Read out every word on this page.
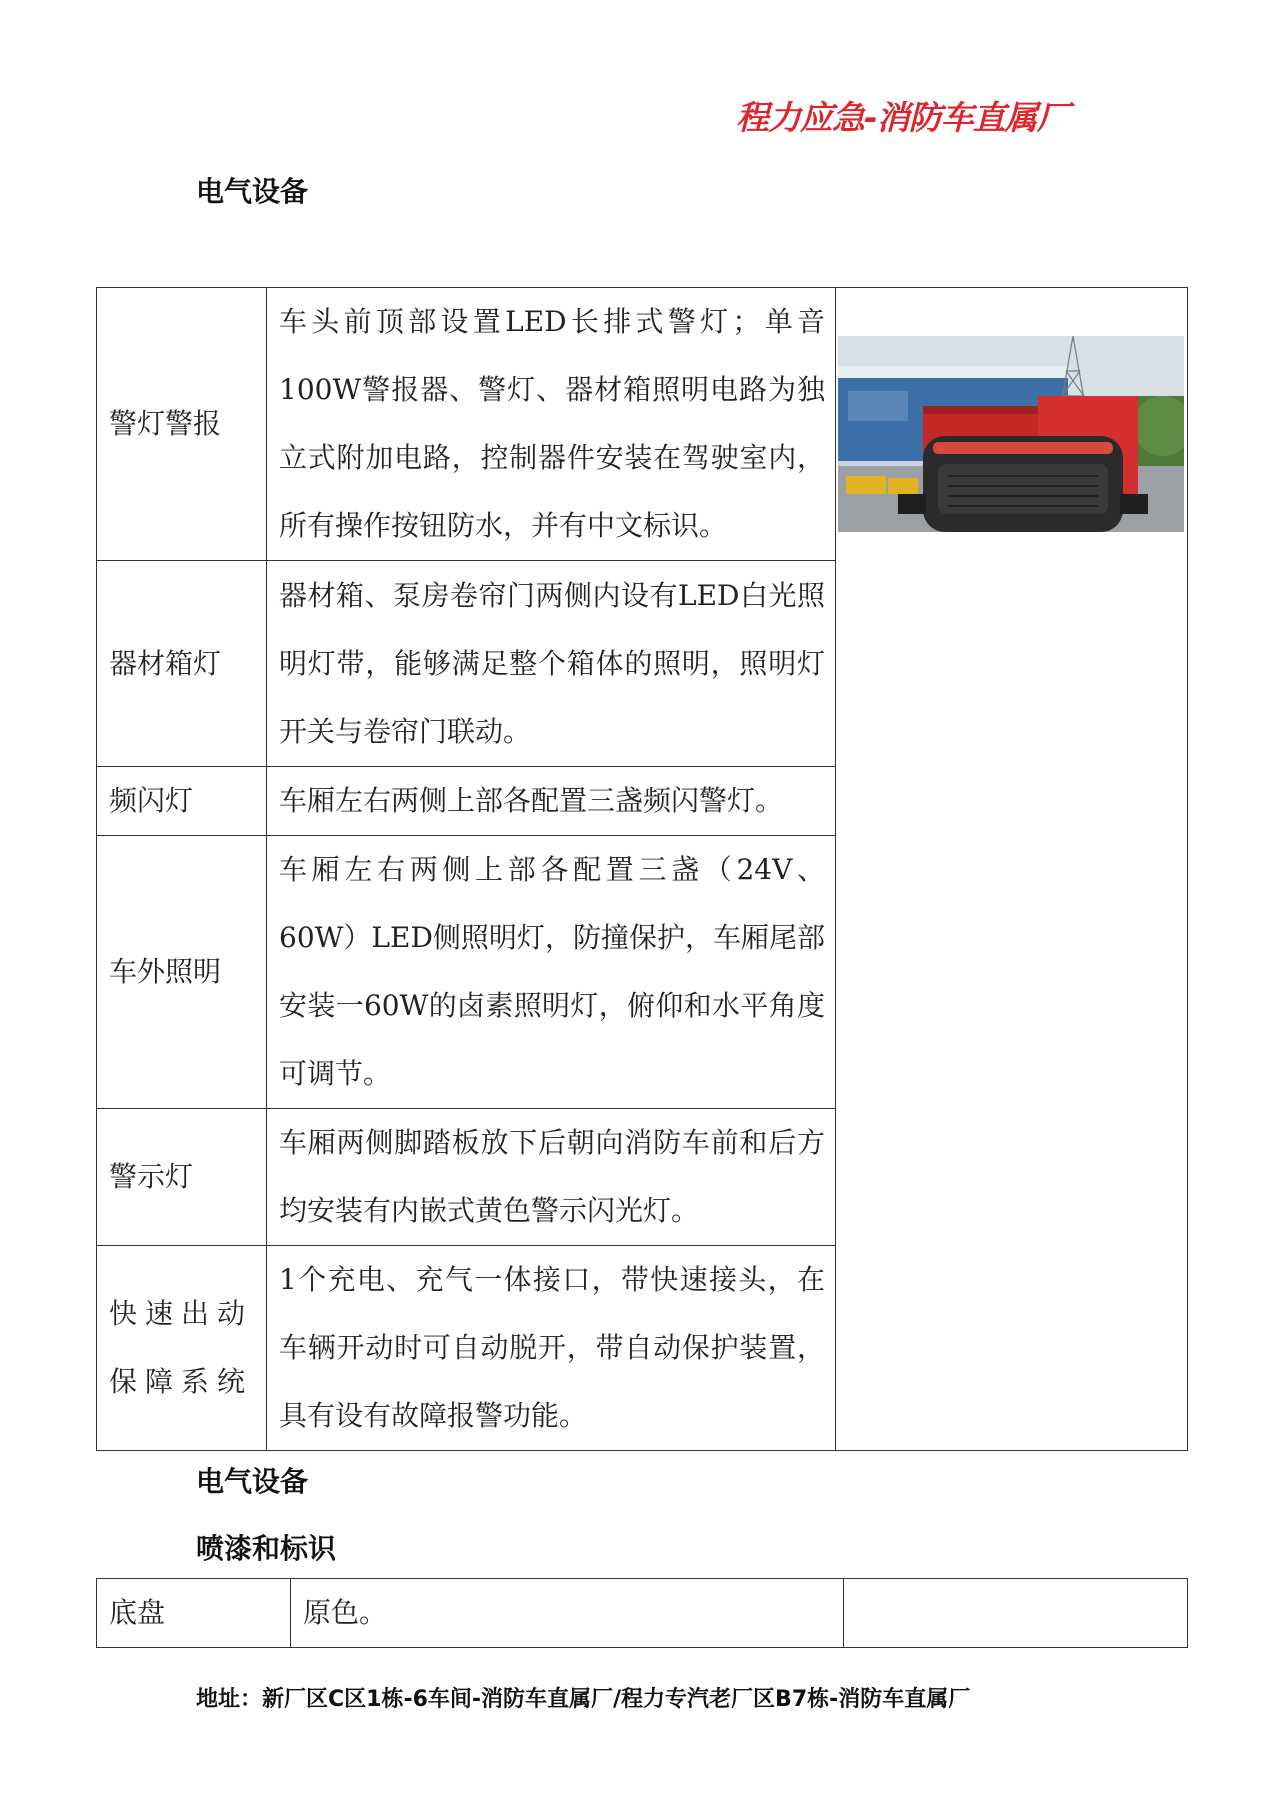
程力应急-消防车直属厂
电气设备
警灯警报	车头前顶部设置LED长排式警灯；单音100W警报器、警灯、器材箱照明电路为独立式附加电路，控制器件安装在驾驶室内，所有操作按钮防水，并有中文标识。	

器材箱灯	器材箱、泵房卷帘门两侧内设有LED白光照明灯带，能够满足整个箱体的照明，照明灯开关与卷帘门联动。	
频闪灯	车厢左右两侧上部各配置三盏频闪警灯。	
车外照明	车厢左右两侧上部各配置三盏（24V、60W）LED侧照明灯，防撞保护，车厢尾部安装一60W的卤素照明灯，俯仰和水平角度可调节。	
警示灯	车厢两侧脚踏板放下后朝向消防车前和后方均安装有内嵌式黄色警示闪光灯。	
快速出动保障系统	1个充电、充气一体接口，带快速接头，在车辆开动时可自动脱开，带自动保护装置，具有设有故障报警功能。	
电气设备
喷漆和标识
底盘	原色。	
地址：新厂区C区1栋-6车间-消防车直属厂/程力专汽老厂区B7栋-消防车直属厂
